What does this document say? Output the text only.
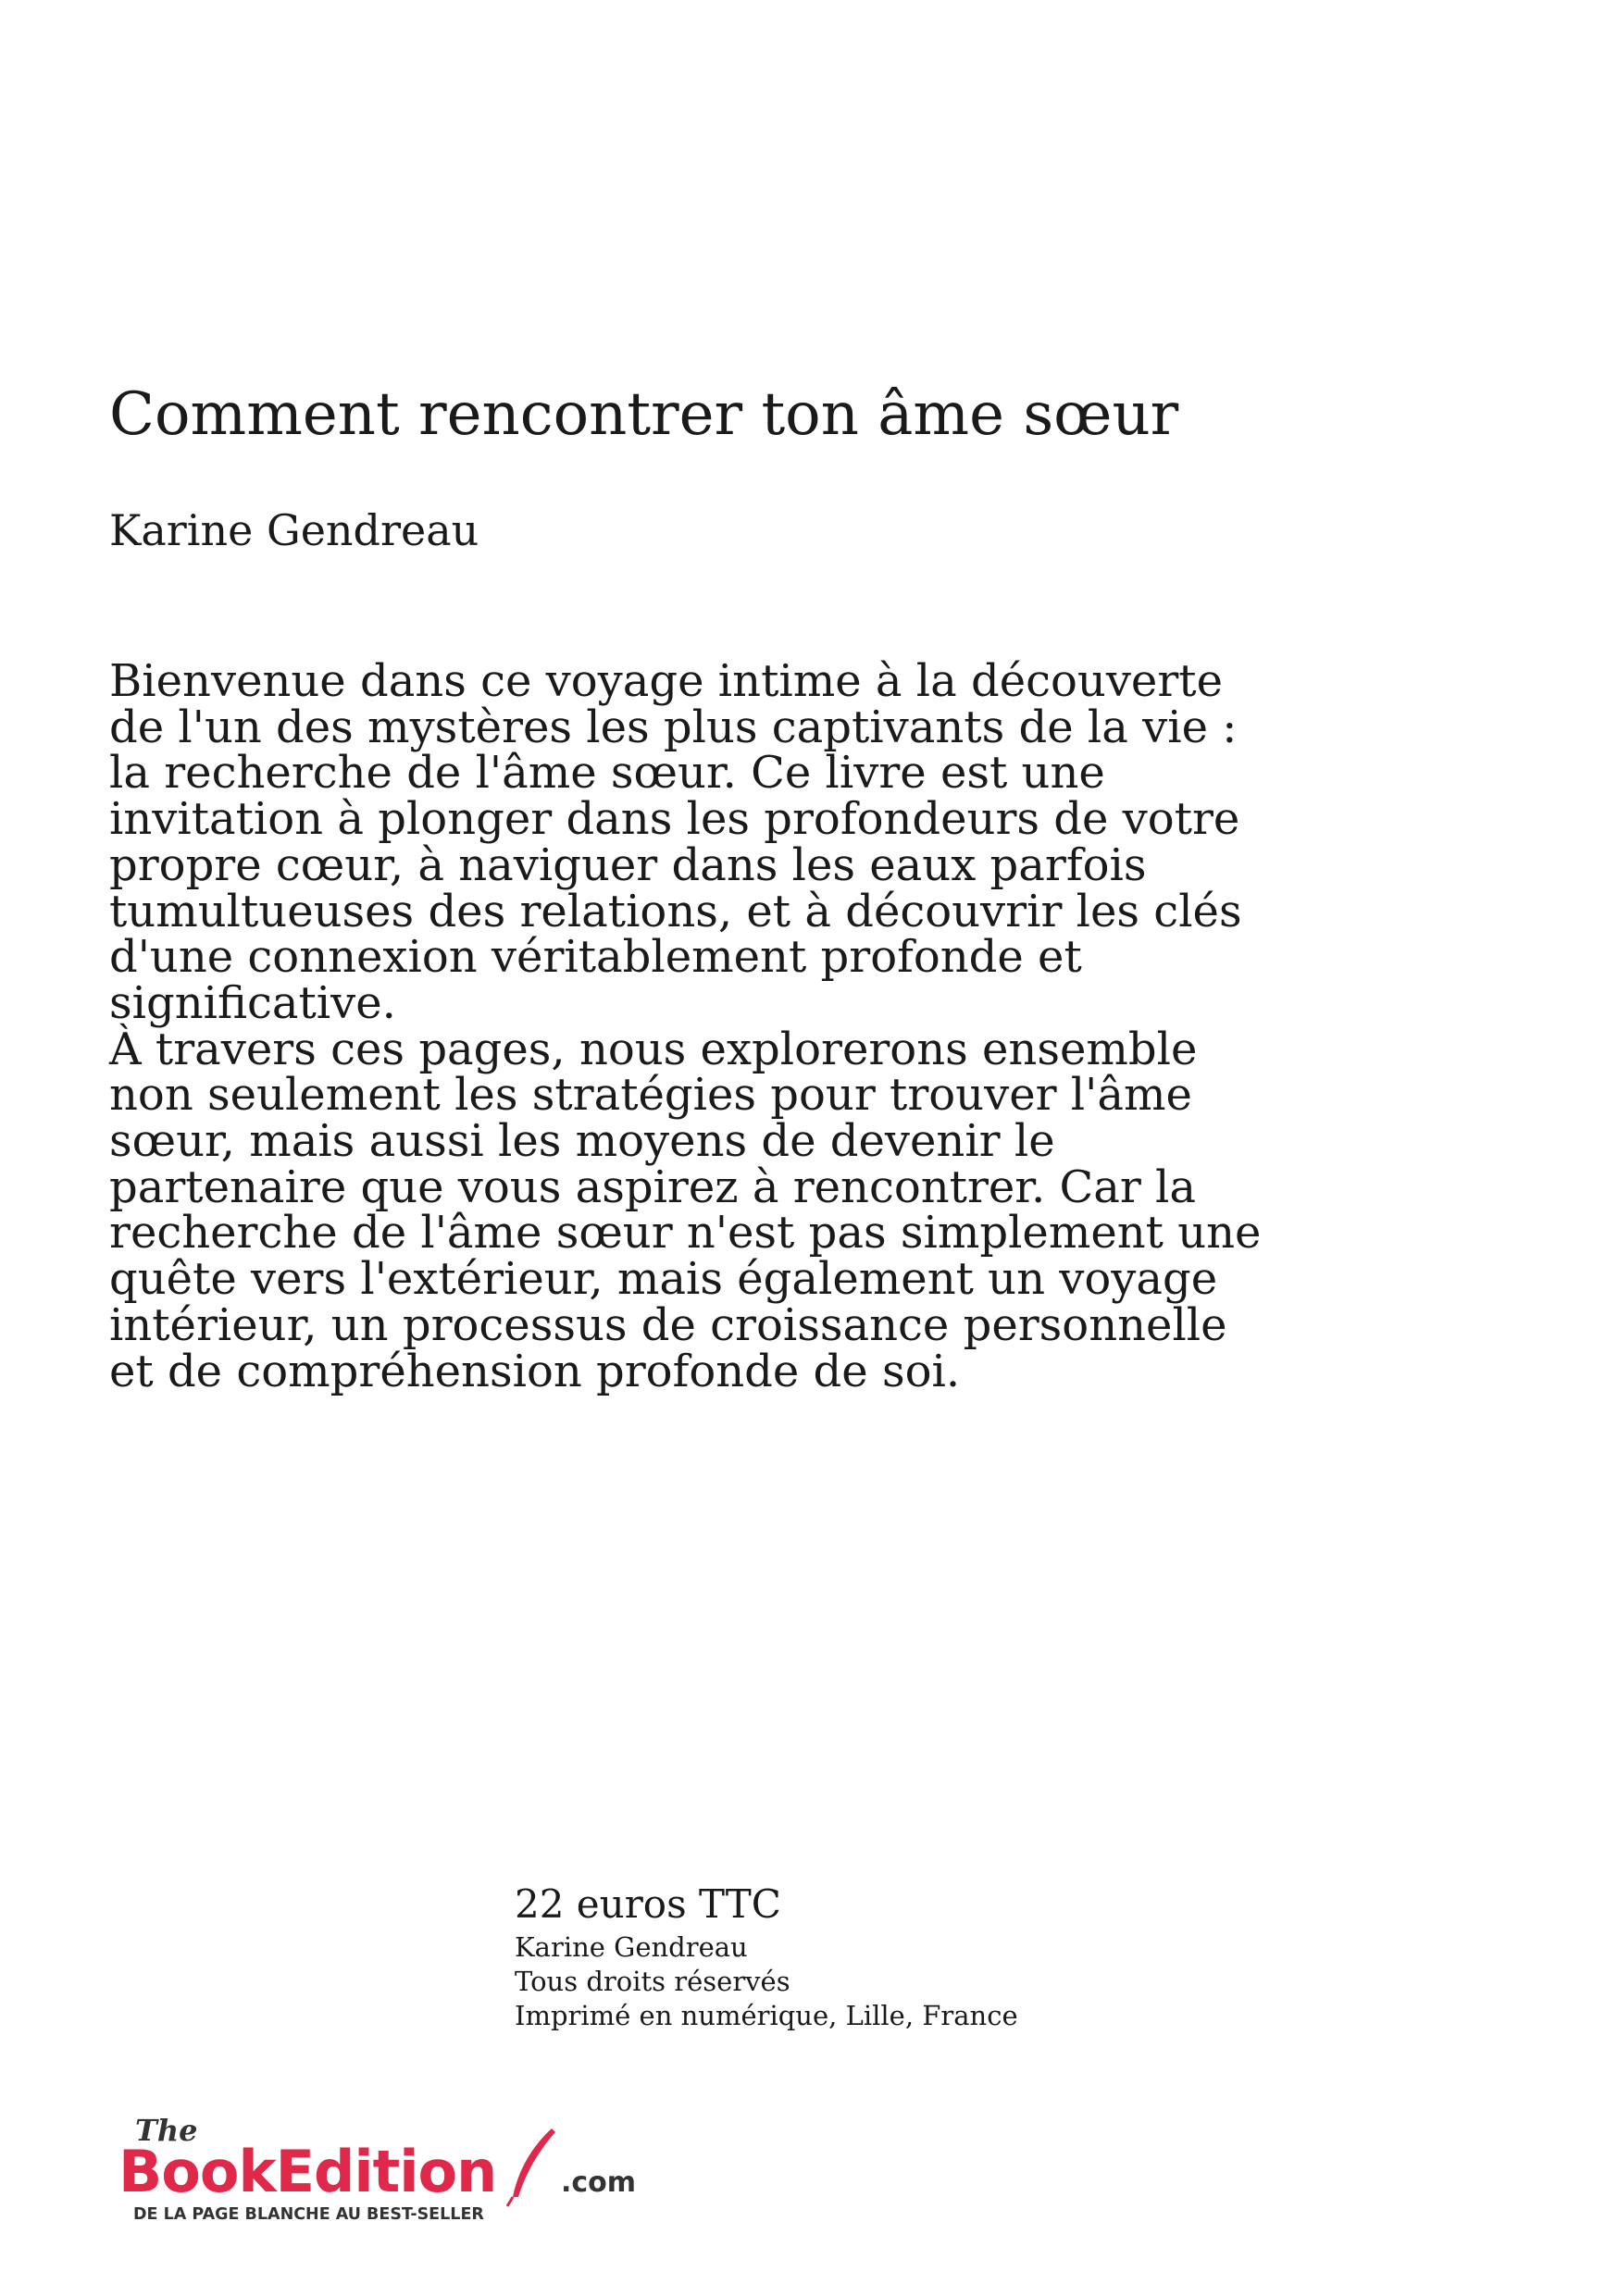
Comment rencontrer ton âme sœur
Karine Gendreau

Bienvenue dans ce voyage intime à la découverte de l'un des mystères les plus captivants de la vie : la recherche de l'âme sœur. Ce livre est une invitation à plonger dans les profondeurs de votre propre cœur, à naviguer dans les eaux parfois tumultueuses des relations, et à découvrir les clés d'une connexion véritablement profonde et significative.

À travers ces pages, nous explorerons ensemble non seulement les stratégies pour trouver l'âme sœur, mais aussi les moyens de devenir le partenaire que vous aspirez à rencontrer. Car la recherche de l'âme sœur n'est pas simplement une quête vers l'extérieur, mais également un voyage intérieur, un processus de croissance personnelle et de compréhension profonde de soi.

22 euros TTC
Karine Gendreau
Tous droits réservés
Imprimé en numérique, Lille, France
The
BookEdition .com
DE LA PAGE BLANCHE AU BEST-SELLER
